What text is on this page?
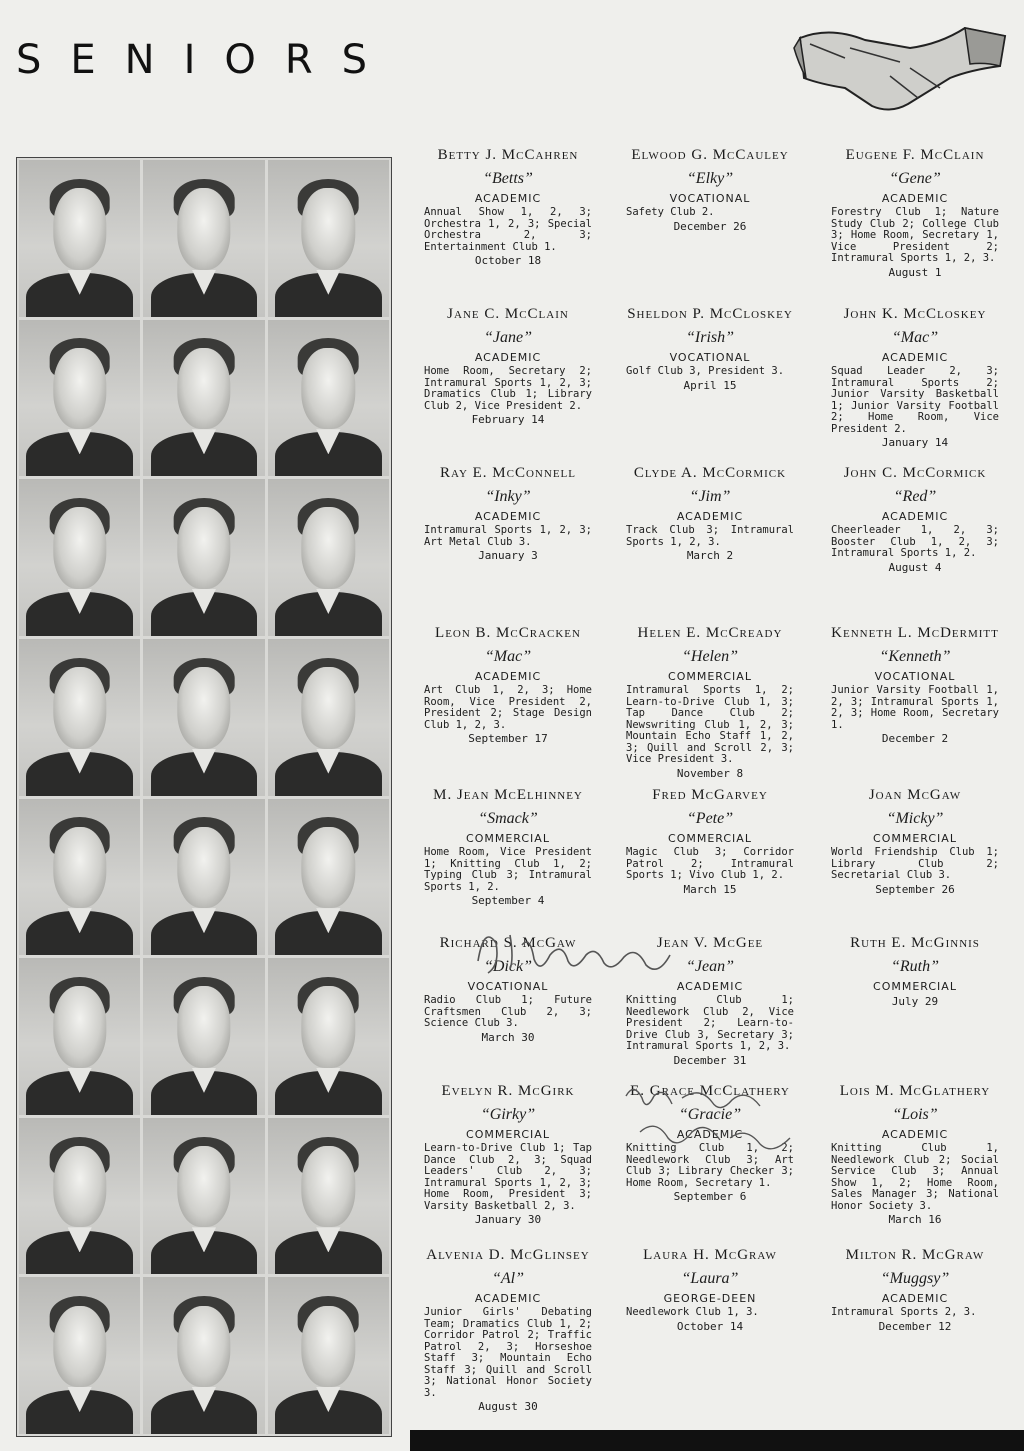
SENIORS
Betty J. McCahren
“Betts”
ACADEMIC
Annual Show 1, 2, 3; Orchestra 1, 2, 3; Special Orchestra 2, 3; Entertainment Club 1.
October 18
Jane C. McClain
“Jane”
ACADEMIC
Home Room, Secretary 2; Intramural Sports 1, 2, 3; Dramatics Club 1; Library Club 2, Vice President 2.
February 14
Ray E. McConnell
“Inky”
ACADEMIC
Intramural Sports 1, 2, 3; Art Metal Club 3.
January 3
Leon B. McCracken
“Mac”
ACADEMIC
Art Club 1, 2, 3; Home Room, Vice President 2, President 2; Stage Design Club 1, 2, 3.
September 17
M. Jean McElhinney
“Smack”
COMMERCIAL
Home Room, Vice President 1; Knitting Club 1, 2; Typing Club 3; Intramural Sports 1, 2.
September 4
Richard S. McGaw
“Dick”
VOCATIONAL
Radio Club 1; Future Craftsmen Club 2, 3; Science Club 3.
March 30
Evelyn R. McGirk
“Girky”
COMMERCIAL
Learn-to-Drive Club 1; Tap Dance Club 2, 3; Squad Leaders' Club 2, 3; Intramural Sports 1, 2, 3; Home Room, President 3; Varsity Basketball 2, 3.
January 30
Alvenia D. McGlinsey
“Al”
ACADEMIC
Junior Girls' Debating Team; Dramatics Club 1, 2; Corridor Patrol 2; Traffic Patrol 2, 3; Horseshoe Staff 3; Mountain Echo Staff 3; Quill and Scroll 3; National Honor Society 3.
August 30
Elwood G. McCauley
“Elky”
VOCATIONAL
Safety Club 2.
December 26
Sheldon P. McCloskey
“Irish”
VOCATIONAL
Golf Club 3, President 3.
April 15
Clyde A. McCormick
“Jim”
ACADEMIC
Track Club 3; Intramural Sports 1, 2, 3.
March 2
Helen E. McCready
“Helen”
COMMERCIAL
Intramural Sports 1, 2; Learn-to-Drive Club 1, 3; Tap Dance Club 2; Newswriting Club 1, 2, 3; Mountain Echo Staff 1, 2, 3; Quill and Scroll 2, 3; Vice President 3.
November 8
Fred McGarvey
“Pete”
COMMERCIAL
Magic Club 3; Corridor Patrol 2; Intramural Sports 1; Vivo Club 1, 2.
March 15
Jean V. McGee
“Jean”
ACADEMIC
Knitting Club 1; Needlework Club 2, Vice President 2; Learn-to-Drive Club 3, Secretary 3; Intramural Sports 1, 2, 3.
December 31
E. Grace McClathery
“Gracie”
ACADEMIC
Knitting Club 1, 2; Needlework Club 3; Art Club 3; Library Checker 3; Home Room, Secretary 1.
September 6
Laura H. McGraw
“Laura”
GEORGE-DEEN
Needlework Club 1, 3.
October 14
Eugene F. McClain
“Gene”
ACADEMIC
Forestry Club 1; Nature Study Club 2; College Club 3; Home Room, Secretary 1, Vice President 2; Intramural Sports 1, 2, 3.
August 1
John K. McCloskey
“Mac”
ACADEMIC
Squad Leader 2, 3; Intramural Sports 2; Junior Varsity Basketball 1; Junior Varsity Football 2; Home Room, Vice President 2.
January 14
John C. McCormick
“Red”
ACADEMIC
Cheerleader 1, 2, 3; Booster Club 1, 2, 3; Intramural Sports 1, 2.
August 4
Kenneth L. McDermitt
“Kenneth”
VOCATIONAL
Junior Varsity Football 1, 2, 3; Intramural Sports 1, 2, 3; Home Room, Secretary 1.
December 2
Joan McGaw
“Micky”
COMMERCIAL
World Friendship Club 1; Library Club 2; Secretarial Club 3.
September 26
Ruth E. McGinnis
“Ruth”
COMMERCIAL
July 29
Lois M. McGlathery
“Lois”
ACADEMIC
Knitting Club 1, Needlework Club 2; Social Service Club 3; Annual Show 1, 2; Home Room, Sales Manager 3; National Honor Society 3.
March 16
Milton R. McGraw
“Muggsy”
ACADEMIC
Intramural Sports 2, 3.
December 12
